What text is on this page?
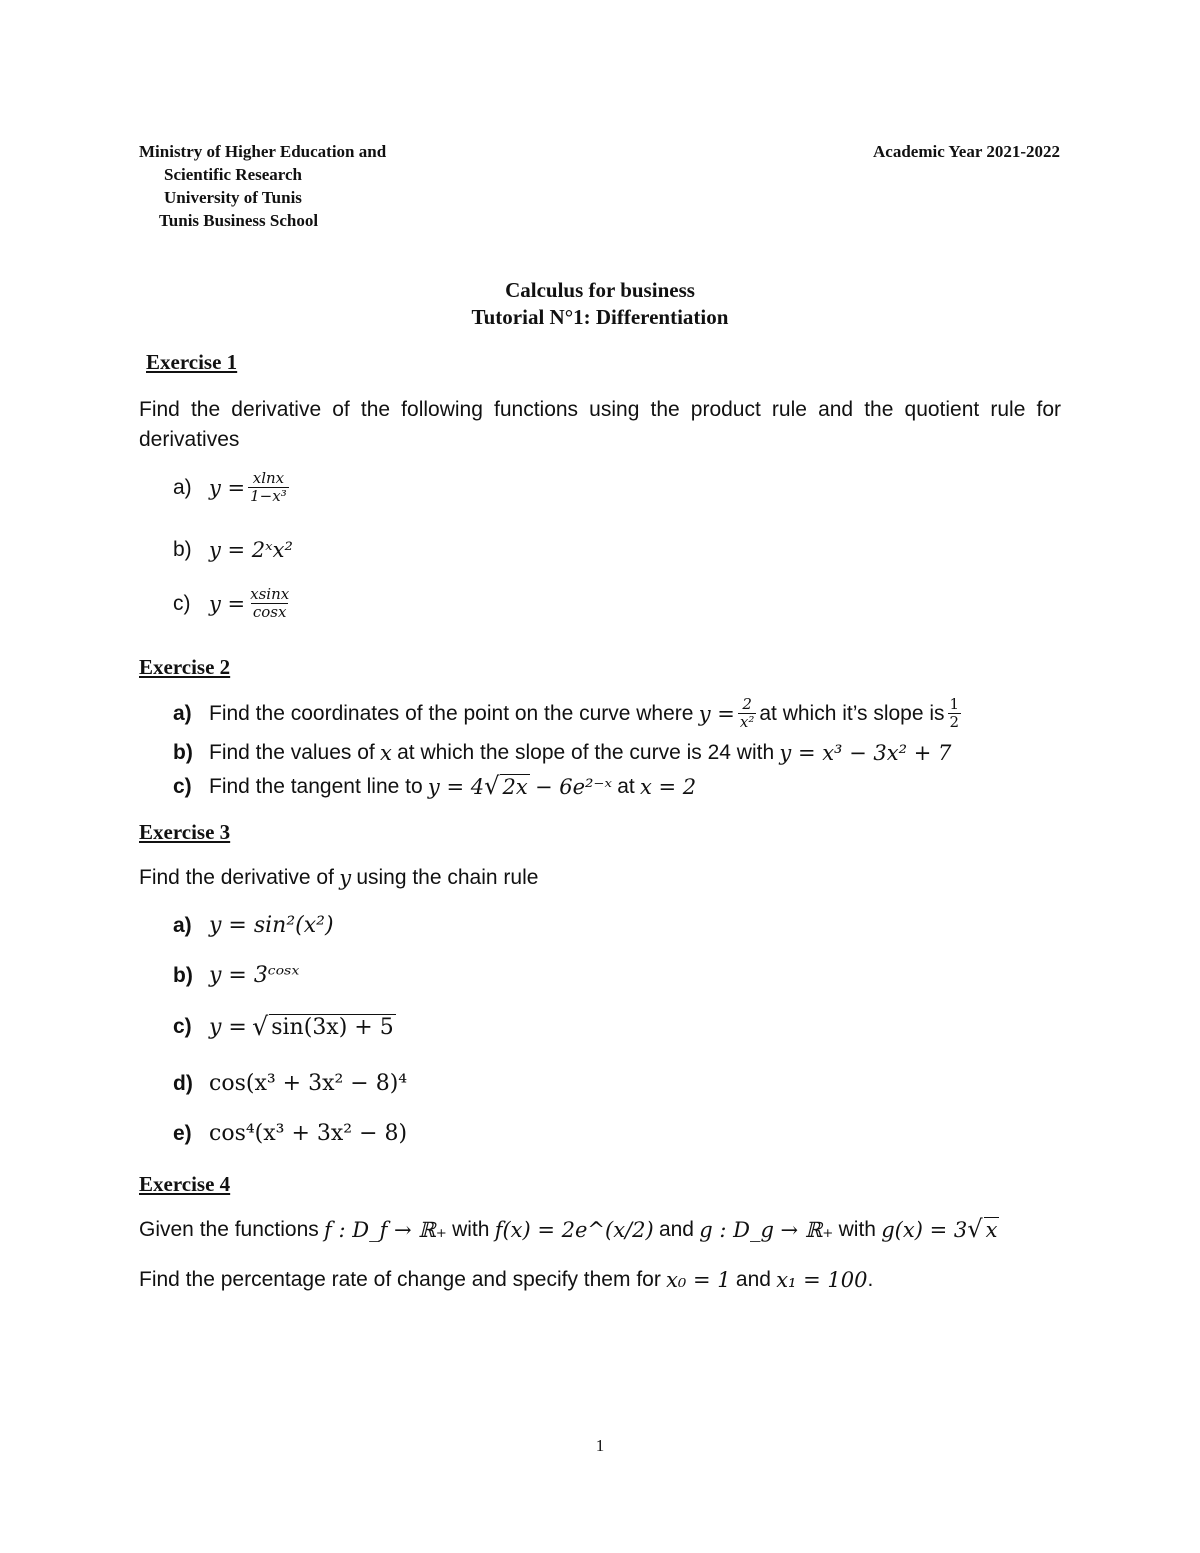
Ministry of Higher Education and
Scientific Research
University of Tunis
Tunis Business School
Academic Year 2021-2022
Calculus for business
Tutorial N°1: Differentiation
Exercise 1
Find the derivative of the following functions using the product rule and the quotient rule for derivatives
a) $y = \frac{xlnx}{\text{1−x³}}$
b) y = 2ˣx²
c) $y = \frac{xsinx}{\cos x}$
Exercise 2
a) Find the coordinates of the point on the curve where
$y = \frac{2}{\text{x²}}$ at which it’s slope is $\frac{1}{2}$
b) Find the values of
x
at which the slope of the curve is 24 with
y = x³ − 3x² + 7
c) Find the tangent line to
y = 4 √ 2x
− 6e²⁻ˣ
at
x = 2
Exercise 3
Find the derivative of
y
using the chain rule
a) y = sin²(x²)
b) y = 3ᶜᵒˢˣ
c) y =
√ sin(3x) + 5
d) cos(x³ + 3x² − 8)⁴
e) cos⁴(x³ + 3x² − 8)
Exercise 4
Given the functions
f : D_f → ℝ₊
with
f(x) = 2e^(x/2)
and
g : D_g → ℝ₊
with
g(x) = 3 √ x
Find the percentage rate of change and specify them for
x₀ = 1
and
x₁ = 100 .
1
